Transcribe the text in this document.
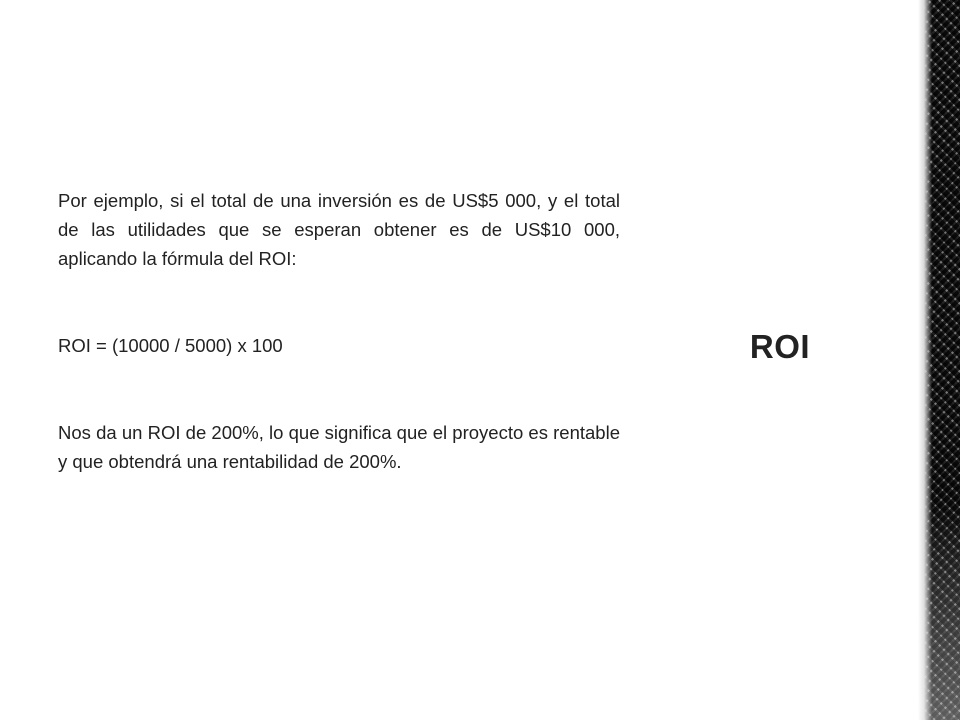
Por ejemplo, si el total de una inversión es de US$5 000, y el total de las utilidades que se esperan obtener es de US$10 000, aplicando la fórmula del ROI:

ROI = (10000 / 5000) x 100

Nos da un ROI de 200%, lo que significa que el proyecto es rentable y que obtendrá una rentabilidad de 200%.

ROI
